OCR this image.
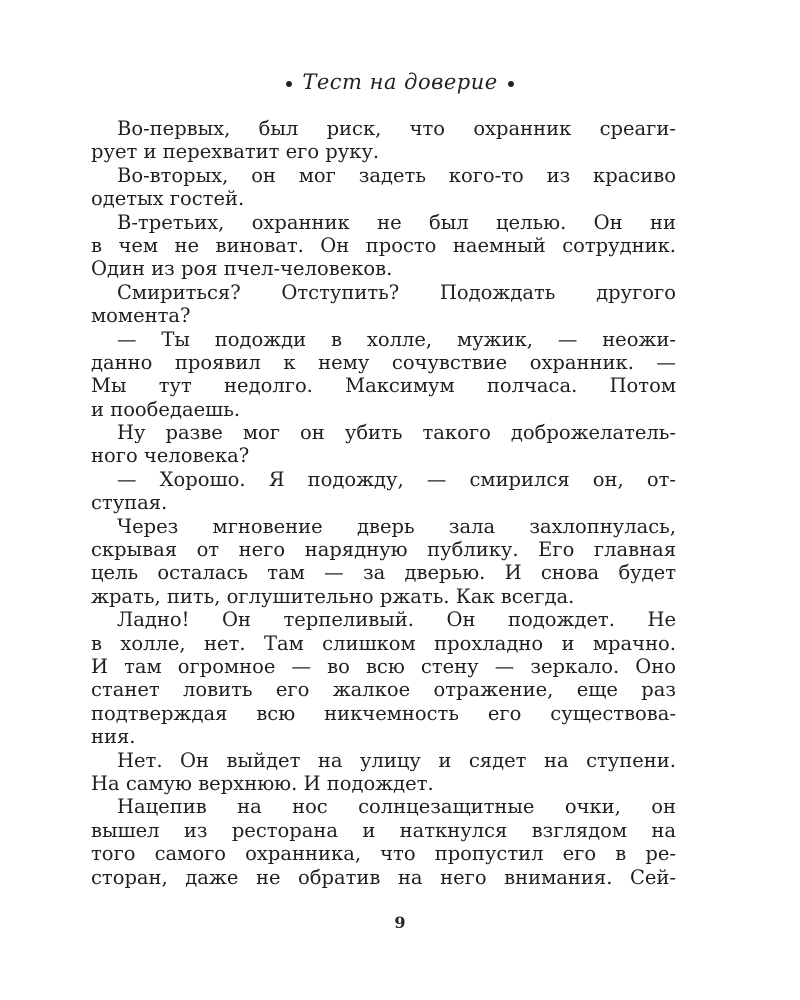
Тест на доверие

Во-первых, был риск, что охранник среаги-
рует и перехватит его руку.

Во-вторых, он мог задеть кого-то из красиво
одетых гостей.

В-третьих, охранник не был целью. Он ни
в чем не виноват. Он просто наемный сотрудник.
Один из роя пчел-человеков.

Смириться? Отступить? Подождать другого
момента?

— Ты подожди в холле, мужик, — неожи-
данно проявил к нему сочувствие охранник. —
Мы тут недолго. Максимум полчаса. Потом
и пообедаешь.

Ну разве мог он убить такого доброжелатель-
ного человека?

— Хорошо. Я подожду, — смирился он, от-
ступая.

Через мгновение дверь зала захлопнулась,
скрывая от него нарядную публику. Его главная
цель осталась там — за дверью. И снова будет
жрать, пить, оглушительно ржать. Как всегда.

Ладно! Он терпеливый. Он подождет. Не
в холле, нет. Там слишком прохладно и мрачно.
И там огромное — во всю стену — зеркало. Оно
станет ловить его жалкое отражение, еще раз
подтверждая всю никчемность его существова-
ния.

Нет. Он выйдет на улицу и сядет на ступени.
На самую верхнюю. И подождет.

Нацепив на нос солнцезащитные очки, он
вышел из ресторана и наткнулся взглядом на
того самого охранника, что пропустил его в ре-
сторан, даже не обратив на него внимания. Сей-

9
